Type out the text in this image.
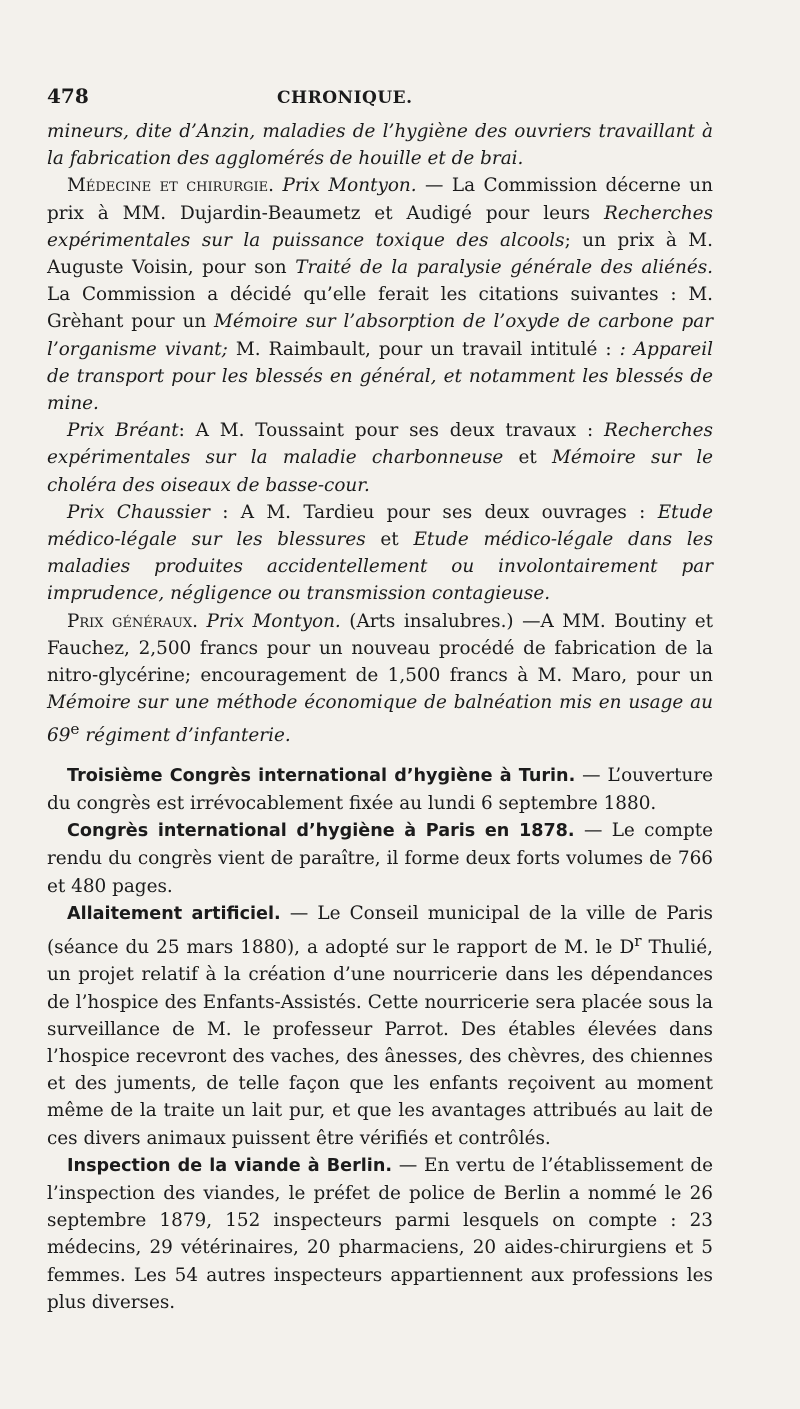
478	CHRONIQUE.

mineurs, dite d’Anzin, maladies de l’hygiène des ouvriers travaillant à la fabrication des agglomérés de houille et de brai.

Médecine et chirurgie. Prix Montyon. — La Commission décerne un prix à MM. Dujardin-Beaumetz et Audigé pour leurs Recherches expérimentales sur la puissance toxique des alcools; un prix à M. Auguste Voisin, pour son Traité de la paralysie générale des aliénés. La Commission a décidé qu’elle ferait les citations suivantes : M. Grèhant pour un Mémoire sur l’absorption de l’oxyde de carbone par l’organisme vivant; M. Raimbault, pour un travail intitulé : : Appareil de transport pour les blessés en général, et notamment les blessés de mine.

Prix Bréant: A M. Toussaint pour ses deux travaux : Recherches expérimentales sur la maladie charbonneuse et Mémoire sur le choléra des oiseaux de basse-cour.

Prix Chaussier : A M. Tardieu pour ses deux ouvrages : Etude médico-légale sur les blessures et Etude médico-légale dans les maladies produites accidentellement ou involontairement par imprudence, négligence ou transmission contagieuse.

Prix généraux. Prix Montyon. (Arts insalubres.) —A MM. Boutiny et Fauchez, 2,500 francs pour un nouveau procédé de fabrication de la nitro-glycérine; encouragement de 1,500 francs à M. Maro, pour un Mémoire sur une méthode économique de balnéation mis en usage au 69e régiment d’infanterie.

Troisième Congrès international d’hygiène à Turin. — L’ouverture du congrès est irrévocablement fixée au lundi 6 septembre 1880.

Congrès international d’hygiène à Paris en 1878. — Le compte rendu du congrès vient de paraître, il forme deux forts volumes de 766 et 480 pages.

Allaitement artificiel. — Le Conseil municipal de la ville de Paris (séance du 25 mars 1880), a adopté sur le rapport de M. le $D^r$ Thulié, un projet relatif à la création d’une nourricerie dans les dépendances de l’hospice des Enfants-Assistés. Cette nourricerie sera placée sous la surveillance de M. le professeur Parrot. Des étables élevées dans l’hospice recevront des vaches, des ânesses, des chèvres, des chiennes et des juments, de telle façon que les enfants reçoivent au moment même de la traite un lait pur, et que les avantages attribués au lait de ces divers animaux puissent être vérifiés et contrôlés.

Inspection de la viande à Berlin. — En vertu de l’établissement de l’inspection des viandes, le préfet de police de Berlin a nommé le 26 septembre 1879, 152 inspecteurs parmi lesquels on compte : 23 médecins, 29 vétérinaires, 20 pharmaciens, 20 aides-chirurgiens et 5 femmes. Les 54 autres inspecteurs appartiennent aux professions les plus diverses.
